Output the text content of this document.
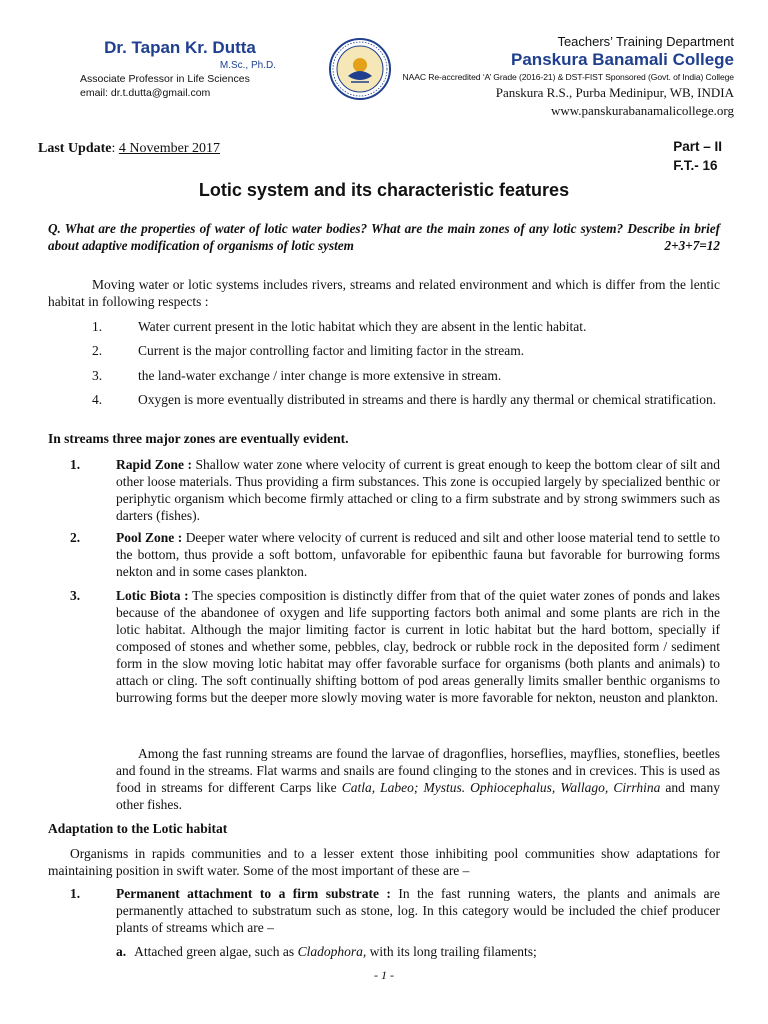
Dr. Tapan Kr. Dutta
M.Sc., Ph.D.
Associate Professor in Life Sciences
email: dr.t.dutta@gmail.com
Teachers’ Training Department
Panskura Banamali College
NAAC Re-accredited ‘A’ Grade (2016-21) & DST-FIST Sponsored (Govt. of India) College
Panskura R.S., Purba Medinipur, WB, INDIA
www.panskurabanamalicollege.org
Last Update: 4 November 2017	Part – II
F.T.- 16
Lotic system and its characteristic features
Q. What are the properties of water of lotic water bodies? What are the main zones of any lotic system? Describe in brief about adaptive modification of organisms of lotic system	2+3+7=12
Moving water or lotic systems includes rivers, streams and related environment and which is differ from the lentic habitat in following respects :
1.	Water current present in the lotic habitat which they are absent in the lentic habitat.
2.	Current is the major controlling factor and limiting factor in the stream.
3.	the land-water exchange / inter change is more extensive in stream.
4.	Oxygen is more eventually distributed in streams and there is hardly any thermal or chemical stratification.
In streams three major zones are eventually evident.
1.	Rapid Zone : Shallow water zone where velocity of current is great enough to keep the bottom clear of silt and other loose materials. Thus providing a firm substances. This zone is occupied largely by specialized benthic or periphytic organism which become firmly attached or cling to a firm substrate and by strong swimmers such as darters (fishes).
2.	Pool Zone : Deeper water where velocity of current is reduced and silt and other loose material tend to settle to the bottom, thus provide a soft bottom, unfavorable for epibenthic fauna but favorable for burrowing forms nekton and in some cases plankton.
3.	Lotic Biota : The species composition is distinctly differ from that of the quiet water zones of ponds and lakes because of the abandonee of oxygen and life supporting factors both animal and some plants are rich in the lotic habitat. Although the major limiting factor is current in lotic habitat but the hard bottom, specially if composed of stones and whether some, pebbles, clay, bedrock or rubble rock in the deposited form / sediment form in the slow moving lotic habitat may offer favorable surface for organisms (both plants and animals) to attach or cling. The soft continually shifting bottom of pod areas generally limits smaller benthic organisms to burrowing forms but the deeper more slowly moving water is more favorable for nekton, neuston and plankton.
Among the fast running streams are found the larvae of dragonflies, horseflies, mayflies, stoneflies, beetles and found in the streams. Flat warms and snails are found clinging to the stones and in crevices. This is used as food in streams for different Carps like Catla, Labeo; Mystus. Ophiocephalus, Wallago, Cirrhina and many other fishes.
Adaptation to the Lotic habitat
Organisms in rapids communities and to a lesser extent those inhibiting pool communities show adaptations for maintaining position in swift water. Some of the most important of these are –
1.	Permanent attachment to a firm substrate : In the fast running waters, the plants and animals are permanently attached to substratum such as stone, log. In this category would be included the chief producer plants of streams which are –
a. Attached green algae, such as Cladophora, with its long trailing filaments;
- 1 -
